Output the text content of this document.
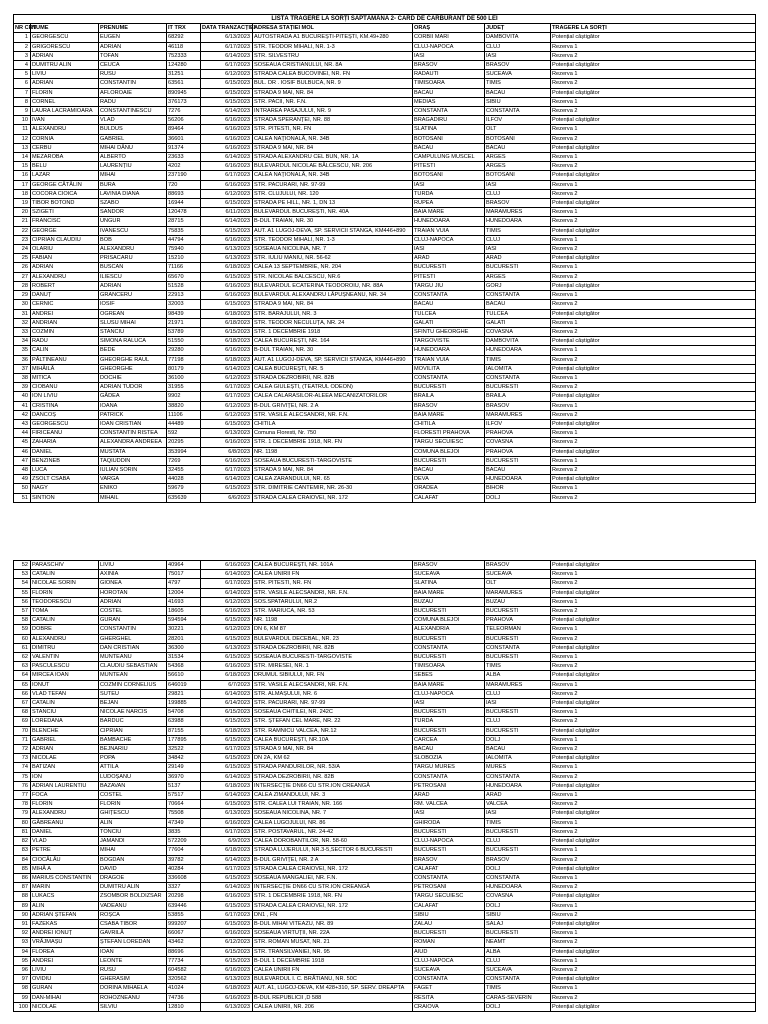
LISTĂ TRAGERE LA SORȚI SĂPTĂMÂNA 2- CARD DE CARBURANT DE 500 LEI								
NR CRT	NUME	PRENUME	IT TRX	DATA TRANZACȚIEI	ADRESA STAȚIEI MOL	ORAȘ	JUDEȚ	TRAGERE LA SORȚI
1	GEORGESCU	EUGEN	68292	6/13/2023	AUTOSTRADA A1 BUCUREȘTI-PITEȘTI, KM.49+280	CORBII MARI	DAMBOVITA	Potențial câștigător
2	GRIGORESCU	ADRIAN	46118	6/17/2023	STR. TEODOR MIHALI, NR. 1-3	CLUJ-NAPOCA	CLUJ	Rezerva 1
3	ADRIAN	TOFAN	752333	6/14/2023	STR. SILVESTRU	IASI	IASI	Rezerva 2
4	DUMITRU ALIN	CEUCA	124280	6/17/2023	SOSEAUA CRISTIANULUI, NR. 8A	BRASOV	BRASOV	Potențial câștigător
5	LIVIU	RUSU	31251	6/12/2023	STRADA CALEA BUCOVINEI, NR. FN	RADAUTI	SUCEAVA	Rezerva 1
6	ADRIAN	CONSTANTIN	63561	6/15/2023	BUL. DR . IOSIF BULBUCA, NR. 9	TIMISOARA	TIMIS	Rezerva 2
7	FLORIN	AFLOROAIE	890945	6/15/2023	STRADA 9 MAI, NR. 84	BACAU	BACAU	Potențial câștigător
8	CORNEL	RADU	376173	6/15/2023	STR. PACII, NR. F.N.	MEDIAS	SIBIU	Rezerva 1
9	LAURA LACRAMIOARA	CONSTANTINESCU	7276	6/14/2023	INTRAREA PASAJULUI, NR. 9	CONSTANTA	CONSTANTA	Rezerva 2
10	IVAN	VLAD	56206	6/16/2023	STRADA SPERANȚEI, NR. 88	BRAGADIRU	ILFOV	Potențial câștigător
11	ALEXANDRU	BULDUS	89464	6/16/2023	STR. PITESTI, NR. FN	SLATINA	OLT	Rezerva 1
12	CORNIA	GABRIEL	36601	6/16/2023	CALEA NAȚIONALĂ, NR. 34B	BOTOSANI	BOTOSANI	Rezerva 2
13	CERBU	MIHAI DĂNU	91374	6/16/2023	STRADA 9 MAI, NR. 84	BACAU	BACAU	Potențial câștigător
14	MEZAROBA	ALBERTO	23633	6/14/2023	STRADA ALEXANDRU CEL BUN, NR. 1A	CAMPULUNG MUSCEL	ARGES	Rezerva 1
15	BELU	LAURENȚIU	4202	6/16/2023	BULEVARDUL NICOLAE BĂLCESCU, NR. 206	PITESTI	ARGES	Rezerva 2
16	LAZAR	MIHAI	237190	6/17/2023	CALEA NAȚIONALĂ, NR. 34B	BOTOSANI	BOTOSANI	Potențial câștigător
17	GEORGE CĂTĂLIN	BURA	720	6/16/2023	STR. PACURARI, NR. 97-99	IASI	IASI	Rezerva 1
18	COCORA CIOICA	LAVINIA DIANA	88693	6/12/2023	STR. CLUJULUI, NR. 120	TURDA	CLUJ	Rezerva 2
19	TIBOR BOTOND	SZABO	16944	6/15/2023	STRADA PE HILL, NR. 1, DN 13	RUPEA	BRASOV	Potențial câștigător
20	SZIGETI	SANDOR	120478	6/11/2023	BULEVARDUL BUCUREȘTI, NR. 40A	BAIA MARE	MARAMURES	Rezerva 1
21	FRANCISC	UNGUR	28715	6/14/2023	B-DUL TRAIAN, NR. 30	HUNEDOARA	HUNEDOARA	Rezerva 2
22	GEORGE	IVANESCU	75835	6/15/2023	AUT. A1 LUGOJ-DEVA, SP. SERVICII STANGA, KM446+890	TRAIAN VUIA	TIMIS	Potențial câștigător
23	CIPRIAN CLAUDIU	BOB	44794	6/16/2023	STR. TEODOR MIHALI, NR. 1-3	CLUJ-NAPOCA	CLUJ	Rezerva 1
24	OLARIU	ALEXANDRU	75940	6/13/2023	SOSEAUA NICOLINA, NR. 7	IASI	IASI	Rezerva 2
25	FABIAN	PRISACARU	15210	6/13/2023	STR. IULIU MANIU, NR. 56-62	ARAD	ARAD	Potențial câștigător
26	ADRIAN	BUSCAN	71166	6/18/2023	CALEA 13 SEPTEMBRIE, NR. 204	BUCURESTI	BUCURESTI	Rezerva 1
27	ALEXANDRU	ILIESCU	65670	6/15/2023	STR. NICOLAE BALCESCU, NR.6	PITESTI	ARGES	Rezerva 2
28	ROBERT	ADRIAN	51528	6/16/2023	BULEVARDUL ECATERINA TEODOROIU, NR. 88A	TARGU JIU	GORJ	Potențial câștigător
29	DANUȚ	GRANCERU	22913	6/16/2023	BULEVARDUL ALEXANDRU LĂPUȘNEANU, NR. 34	CONSTANTA	CONSTANTA	Rezerva 1
30	CERNIC	IOSIF	32003	6/15/2023	STRADA 9 MAI, NR. 84	BACAU	BACAU	Rezerva 2
31	ANDREI	OGREAN	98439	6/18/2023	STR. BARAJULUI, NR. 3	TULCEA	TULCEA	Potențial câștigător
32	ANDRIAN	SLUSU MIHAI	21971	6/18/2023	STR. TEODOR NECULUȚA, NR. 24	GALATI	GALATI	Rezerva 1
33	COZMIN	STANCIU	53789	6/15/2023	STR. 1 DECEMBRIE 1918	SFINTU GHEORGHE	COVASNA	Rezerva 2
34	RADU	SIMONA RALUCA	51550	6/18/2023	CALEA BUCUREȘTI, NR. 164	TARGOVISTE	DAMBOVITA	Potențial câștigător
35	CALIN	BEDE	29280	6/16/2023	B-DUL TRAIAN, NR. 30	HUNEDOARA	HUNEDOARA	Rezerva 1
36	PĂLTINEANU	GHEORGHE RAUL	77198	6/18/2023	AUT. A1 LUGOJ-DEVA, SP. SERVICII STANGA, KM446+890	TRAIAN VUIA	TIMIS	Rezerva 2
37	MIHĂILĂ	GHEORGHE	80179	6/14/2023	CALEA BUCUREȘTI, NR. 5	MOVILITA	IALOMITA	Potențial câștigător
38	MITICA	DOCHIE	36100	6/12/2023	STRADA DEZROBIRII, NR. 82B	CONSTANTA	CONSTANTA	Rezerva 1
39	CIOBANU	ADRIAN TUDOR	31955	6/17/2023	CALEA GIULEȘTI, (TEATRUL ODEON)	BUCURESTI	BUCURESTI	Rezerva 2
40	ION LIVIU	GĂDEA	9902	6/17/2023	CALEA CALARASILOR-ALEEA MECANIZATORILOR	BRAILA	BRAILA	Potențial câștigător
41	CRISTINA	IOANA	38820	6/12/2023	B-DUL GRIVIȚEI, NR. 2 A	BRASOV	BRASOV	Rezerva 1
42	DANCOȘ	PATRICK	11106	6/12/2023	STR. VASILE ALECSANDRI, NR. F.N.	BAIA MARE	MARAMURES	Rezerva 2
43	GEORGESCU	IOAN CRISTIAN	44489	6/15/2023	CHITILA	CHITILA	ILFOV	Potențial câștigător
44	FIRICEANU	CONSTANTIN RISTEA	592	6/13/2023	Comuna Floresti, Nr. 750	FLORESTI PRAHOVA	PRAHOVA	Rezerva 1
45	ZAHARIA	ALEXANDRA ANDREEA	20295	6/16/2023	STR. 1 DECEMBRIE 1918, NR. FN	TARGU SECUIESC	COVASNA	Rezerva 2
46	DANIEL	MUSTATA	353994	6/8/2023	NR. 1198	COMUNA BLEJOI	PRAHOVA	Potențial câștigător
47	BENZINEB	TAQIUDDIN	7269	6/16/2023	SOSEAUA BUCURESTI-TARGOVISTE	BUCURESTI	BUCURESTI	Rezerva 1
48	LUCA	IULIAN SORIN	32455	6/17/2023	STRADA 9 MAI, NR. 84	BACAU	BACAU	Rezerva 2
49	ZSOLT CSABA	VARGA	44028	6/14/2023	CALEA ZARANDULUI, NR. 65	DEVA	HUNEDOARA	Potențial câștigător
50	NAGY	ENIKO	59679	6/15/2023	STR. DIMITRIE CANTEMIR, NR. 26-30	ORADEA	BIHOR	Rezerva 1
51	SINTION	MIHAIL	635639	6/6/2023	STRADA CALEA CRAIOVEI, NR. 172	CALAFAT	DOLJ	Rezerva 2
52	PARASCHIV	LIVIU	40964	6/16/2023	CALEA BUCUREȘTI, NR. 101A	BRASOV	BRASOV	Potențial câștigător
53	CATALIN	AXINIA	75017	6/14/2023	CALEA UNIRII FN	SUCEAVA	SUCEAVA	Rezerva 1
54	NICOLAE SORIN	GIONEA	4797	6/17/2023	STR. PITESTI, NR. FN	SLATINA	OLT	Rezerva 2
55	FLORIN	HOROTAN	12004	6/14/2023	STR. VASILE ALECSANDRI, NR. F.N.	BAIA MARE	MARAMURES	Potențial câștigător
56	TEODORESCU	ADRIAN	41693	6/12/2023	SOS.SPATARULUI, NR.2	BUZAU	BUZAU	Rezerva 1
57	TOMA	COSTEL	18605	6/16/2023	STR. MARIUCA, NR. 53	BUCURESTI	BUCURESTI	Rezerva 2
58	CATALIN	GURAN	594594	6/15/2023	NR. 1198	COMUNA BLEJOI	PRAHOVA	Potențial câștigător
59	DOBRE	CONSTANTIN	30221	6/12/2023	DN 6, KM 87	ALEXANDRIA	TELEORMAN	Rezerva 1
60	ALEXANDRU	GHERGHEL	28201	6/15/2023	BULEVARDUL DECEBAL, NR. 23	BUCURESTI	BUCURESTI	Rezerva 2
61	DIMITRU	DAN CRISTIAN	36300	6/13/2023	STRADA DEZROBIRII, NR. 82B	CONSTANTA	CONSTANTA	Potențial câștigător
62	VALENTIN	MUNTEANU	31534	6/15/2023	SOSEAUA BUCURESTI-TARGOVISTE	BUCURESTI	BUCURESTI	Rezerva 1
63	PASCULESCU	CLAUDIU SEBASTIAN	54368	6/16/2023	STR. MIRESEI, NR. 1	TIMISOARA	TIMIS	Rezerva 2
64	MIRCEA IOAN	MUNTEAN	56610	6/18/2023	DRUMUL SIBIULUI, NR. FN	SEBES	ALBA	Potențial câștigător
65	IONUT	COZMIN CORNELIUS	646019	6/7/2023	STR. VASILE ALECSANDRI, NR. F.N.	BAIA MARE	MARAMURES	Rezerva 1
66	VLAD TEFAN	SUTEU	29821	6/14/2023	STR. ALMAȘULUI, NR. 6	CLUJ-NAPOCA	CLUJ	Rezerva 2
67	CATALIN	BEJAN	199885	6/14/2023	STR. PACURARI, NR. 97-99	IASI	IASI	Potențial câștigător
68	STANCIU	NICOLAE NARCIS	54708	6/15/2023	SOSEAUA CHITILEI, NR. 242C	BUCURESTI	BUCURESTI	Rezerva 1
69	LOREDANA	BARDUC	63988	6/15/2023	STR. ȘTEFAN CEL MARE, NR. 22	TURDA	CLUJ	Rezerva 2
70	BLENCHE	CIPRIAN	87155	6/18/2023	STR. RAMNICU VALCEA, NR.12	BUCURESTI	BUCURESTI	Potențial câștigător
71	GABRIEL	BAMBACHE	177895	6/15/2023	CALEA BUCUREȘTI, NR.10A	CARCEA	DOLJ	Rezerva 1
72	ADRIAN	BEJNARIU	32522	6/17/2023	STRADA 9 MAI, NR. 84	BACAU	BACAU	Rezerva 2
73	NICOLAE	POPA	34842	6/15/2023	DN 2A, KM 62	SLOBOZIA	IALOMITA	Potențial câștigător
74	BATIZAN	ATTILA	29149	6/15/2023	STRADA PANDURILOR, NR. 53/A	TARGU MURES	MURES	Rezerva 1
75	ION	LUDOȘANU	36970	6/14/2023	STRADA DEZROBIRII, NR. 82B	CONSTANTA	CONSTANTA	Rezerva 2
76	ADRIAN LAURENTIU	BAZAVAN	5137	6/18/2023	INTERSECȚIE DN66 CU STR.ION CREANGĂ	PETROSANI	HUNEDOARA	Potențial câștigător
77	FOCA	COSTEL	57517	6/14/2023	CALEA ZIMANDULUI, NR. 3	ARAD	ARAD	Rezerva 1
78	FLORIN	FLORIN	70664	6/15/2023	STR. CALEA LUI TRAIAN, NR. 166	RM. VALCEA	VALCEA	Rezerva 2
79	ALEXANDRU	GHIȚESCU	75508	6/13/2023	SOSEAUA NICOLINA, NR. 7	IASI	IASI	Potențial câștigător
80	GĂBREANU	ALIN	47349	6/16/2023	CALEA LUGOJULUI, NR. 86	GHIRODA	TIMIS	Rezerva 1
81	DANIEL	TONCIU	3835	6/17/2023	STR. POSTAVARUL, NR. 24-42	BUCURESTI	BUCURESTI	Rezerva 2
82	VLAD	JAMANDI	572209	6/9/2023	CALEA DOROBANTILOR, NR. 58-60	CLUJ-NAPOCA	CLUJ	Potențial câștigător
83	PETRE	MIHAI	77604	6/18/2023	STRADA LUJERULUI, NR.3-5,SECTOR 6 BUCURESTI	BUCURESTI	BUCURESTI	Rezerva 1
84	CIOCĂLĂU	BOGDAN	39782	6/14/2023	B-DUL GRIVIȚEI, NR. 2 A	BRASOV	BRASOV	Rezerva 2
85	MIHĂ A	DAVID	40284	6/17/2023	STRADA CALEA CRAIOVEI, NR. 172	CALAFAT	DOLJ	Potențial câștigător
86	MARIUS CONSTANTIN	DRAGOE	336608	6/15/2023	SOSEAUA MANGALIEI, NR. F.N.	CONSTANTA	CONSTANTA	Rezerva 1
87	MARIN	DUMITRU ALIN	3327	6/14/2023	INTERSECȚIE DN66 CU STR.ION CREANGĂ	PETROSANI	HUNEDOARA	Rezerva 2
88	LUKACS	ZSOMBOR BOLDIZSAR	20298	6/16/2023	STR. 1 DECEMBRIE 1918, NR. FN	TARGU SECUIESC	COVASNA	Potențial câștigător
89	ALIN	VADEANU	639446	6/15/2023	STRADA CALEA CRAIOVEI, NR. 172	CALAFAT	DOLJ	Rezerva 1
90	ADRIAN ȘTEFAN	ROȘCA	53855	6/17/2023	DN1 , FN	SIBIU	SIBIU	Rezerva 2
91	FAZEKAS	CSABA TIBOR	999207	6/15/2023	B-DUL MIHAI VITEAZU, NR. 89	ZALAU	SALAJ	Potențial câștigător
92	ANDREI IONUȚ	GAVRILĂ	66067	6/16/2023	SOSEAUA VIRTUȚII, NR. 22A	BUCURESTI	BUCURESTI	Rezerva 1
93	VRĂJMAȘU	ȘTEFAN LOREDAN	43462	6/12/2023	STR. ROMAN MUSAT, NR. 21	ROMAN	NEAMT	Rezerva 2
94	FLOREA	IOAN	88696	6/15/2023	STR. TRANSILVANIEI, NR. 95	AIUD	ALBA	Potențial câștigător
95	ANDREI	LEONTE	77734	6/15/2023	B-DUL 1 DECEMBRIE 1918	CLUJ-NAPOCA	CLUJ	Rezerva 1
96	LIVIU	RUSU	604582	6/16/2023	CALEA UNIRII FN	SUCEAVA	SUCEAVA	Rezerva 2
97	OVIDIU	GHERASIM	320562	6/13/2023	BULEVARDUL I. C. BRĂTIANU, NR. 50C	CONSTANTA	CONSTANTA	Potențial câștigător
98	GURAN	DORINA MIHAELA	41024	6/18/2023	AUT. A1, LUGOJ-DEVA, KM 428+310, SP. SERV. DREAPTA	FAGET	TIMIS	Rezerva 1
99	DAN-MIHAI	ROHOZNEANU	74736	6/16/2023	B-DUL REPUBLICII ,D 588	RESITA	CARAS-SEVERIN	Rezerva 2
100	NICOLAE	SILVIU	12810	6/13/2023	CALEA UNIRII, NR. 206	CRAIOVA	DOLJ	Potențial câștigător
